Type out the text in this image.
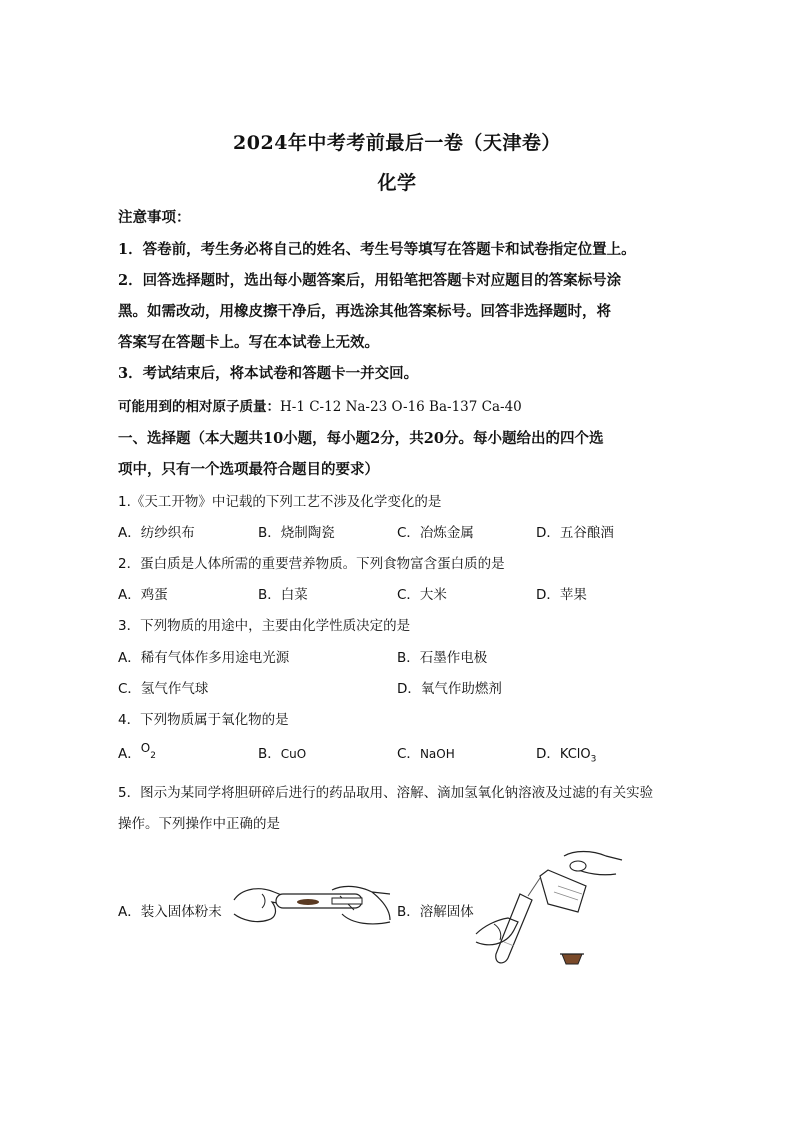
2024年中考考前最后一卷（天津卷）
化学
注意事项：
1．答卷前，考生务必将自己的姓名、考生号等填写在答题卡和试卷指定位置上。
2．回答选择题时，选出每小题答案后，用铅笔把答题卡对应题目的答案标号涂
黑。如需改动，用橡皮擦干净后，再选涂其他答案标号。回答非选择题时，将
答案写在答题卡上。写在本试卷上无效。
3．考试结束后，将本试卷和答题卡一并交回。
可能用到的相对原子质量：H-1 C-12 Na-23 O-16 Ba-137 Ca-40
一、选择题（本大题共10小题，每小题2分，共20分。每小题给出的四个选
项中，只有一个选项最符合题目的要求）
1.《天工开物》中记载的下列工艺不涉及化学变化的是
A．纺纱织布	B．烧制陶瓷	C．冶炼金属	D．五谷酿酒
2．蛋白质是人体所需的重要营养物质。下列食物富含蛋白质的是
A．鸡蛋	B．白菜	C．大米	D．苹果
3．下列物质的用途中，主要由化学性质决定的是
A．稀有气体作多用途电光源	B．石墨作电极
C．氢气作气球	D．氧气作助燃剂
4．下列物质属于氧化物的是
A．$O_2$	B．CuO	C．NaOH	D．KClO$_3$
5．图示为某同学将胆研碎后进行的药品取用、溶解、滴加氢氧化钠溶液及过滤的有关实验
操作。下列操作中正确的是
A．装入固体粉末	B．溶解固体
